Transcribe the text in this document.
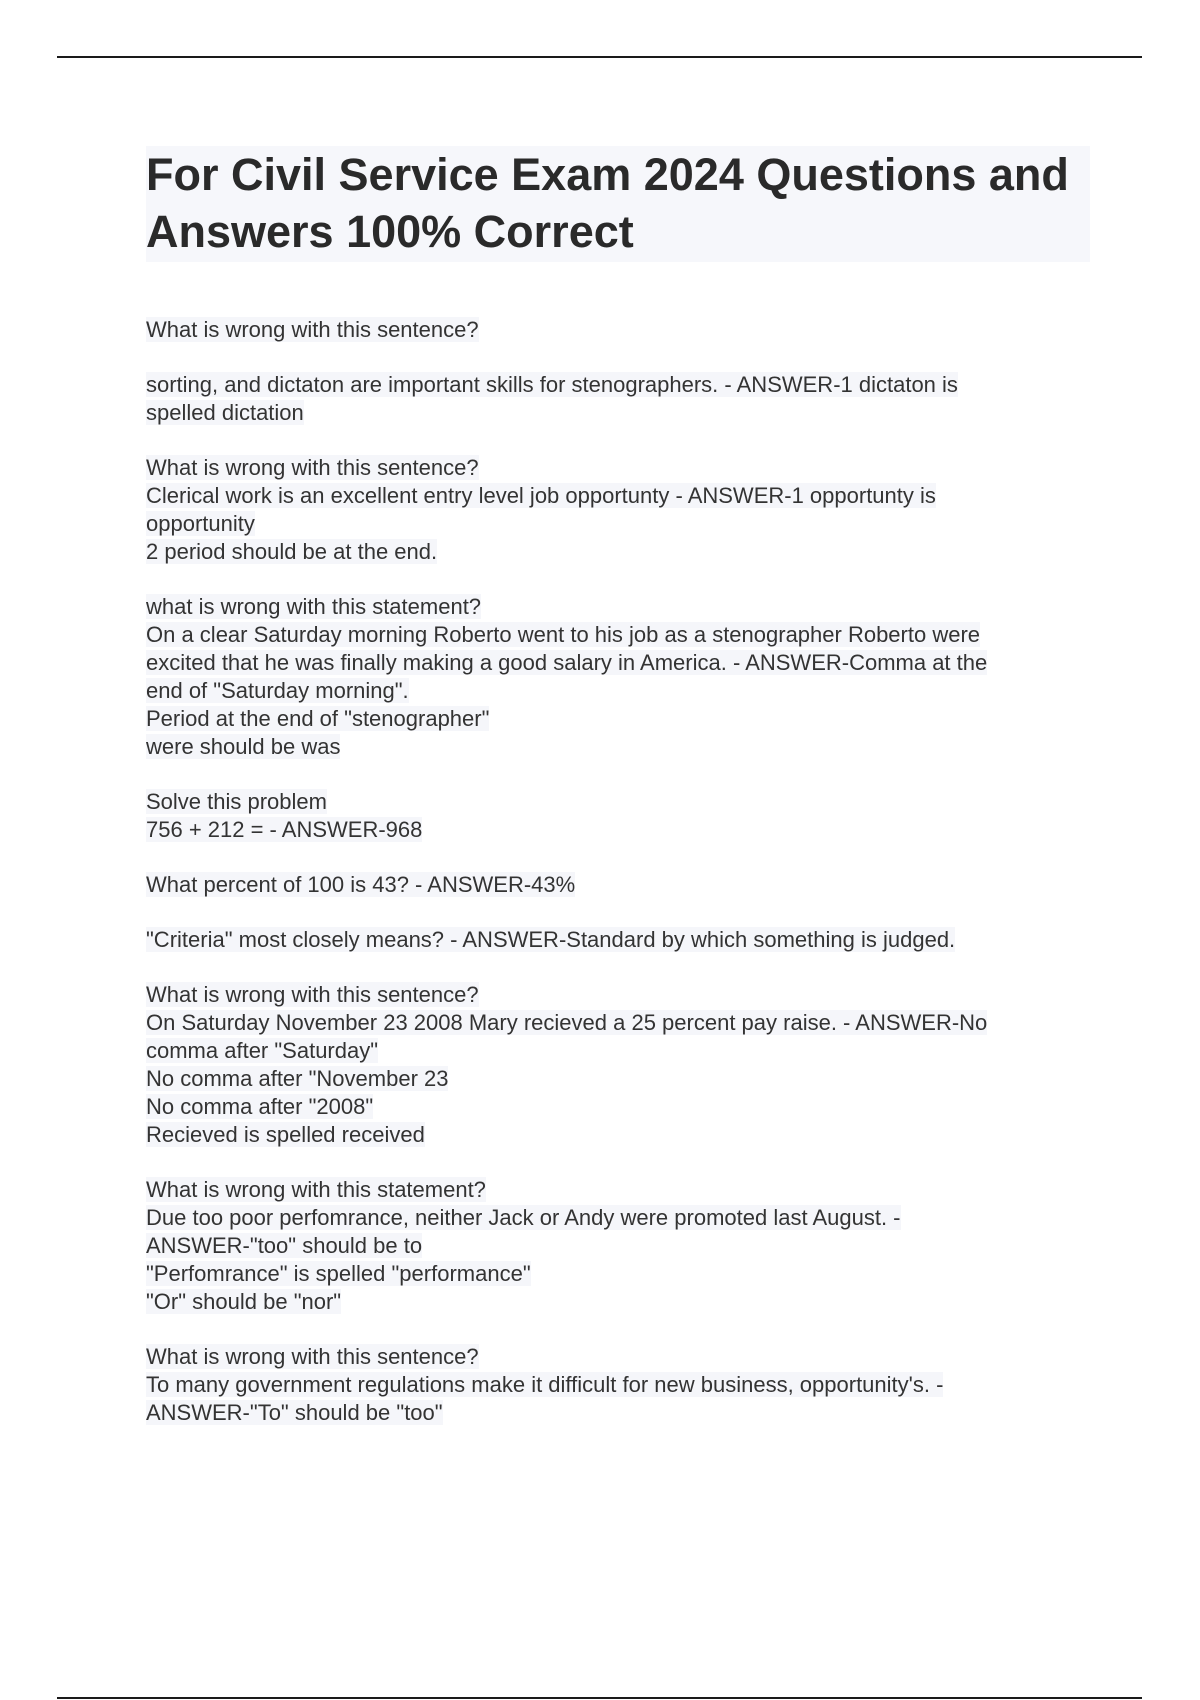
For Civil Service Exam 2024 Questions and Answers 100% Correct
What is wrong with this sentence?
sorting, and dictaton are important skills for stenographers. - ANSWER-1 dictaton is
spelled dictation
What is wrong with this sentence?
Clerical work is an excellent entry level job opportunty - ANSWER-1 opportunty is
opportunity
2 period should be at the end.
what is wrong with this statement?
On a clear Saturday morning Roberto went to his job as a stenographer Roberto were
excited that he was finally making a good salary in America. - ANSWER-Comma at the
end of "Saturday morning".
Period at the end of "stenographer"
were should be was
Solve this problem
756 + 212 = - ANSWER-968
What percent of 100 is 43? - ANSWER-43%
"Criteria" most closely means? - ANSWER-Standard by which something is judged.
What is wrong with this sentence?
On Saturday November 23 2008 Mary recieved a 25 percent pay raise. - ANSWER-No
comma after "Saturday"
No comma after "November 23
No comma after "2008"
Recieved is spelled received
What is wrong with this statement?
Due too poor perfomrance, neither Jack or Andy were promoted last August. -
ANSWER-"too" should be to
"Perfomrance" is spelled "performance"
"Or" should be "nor"
What is wrong with this sentence?
To many government regulations make it difficult for new business, opportunity's. -
ANSWER-"To" should be "too"
